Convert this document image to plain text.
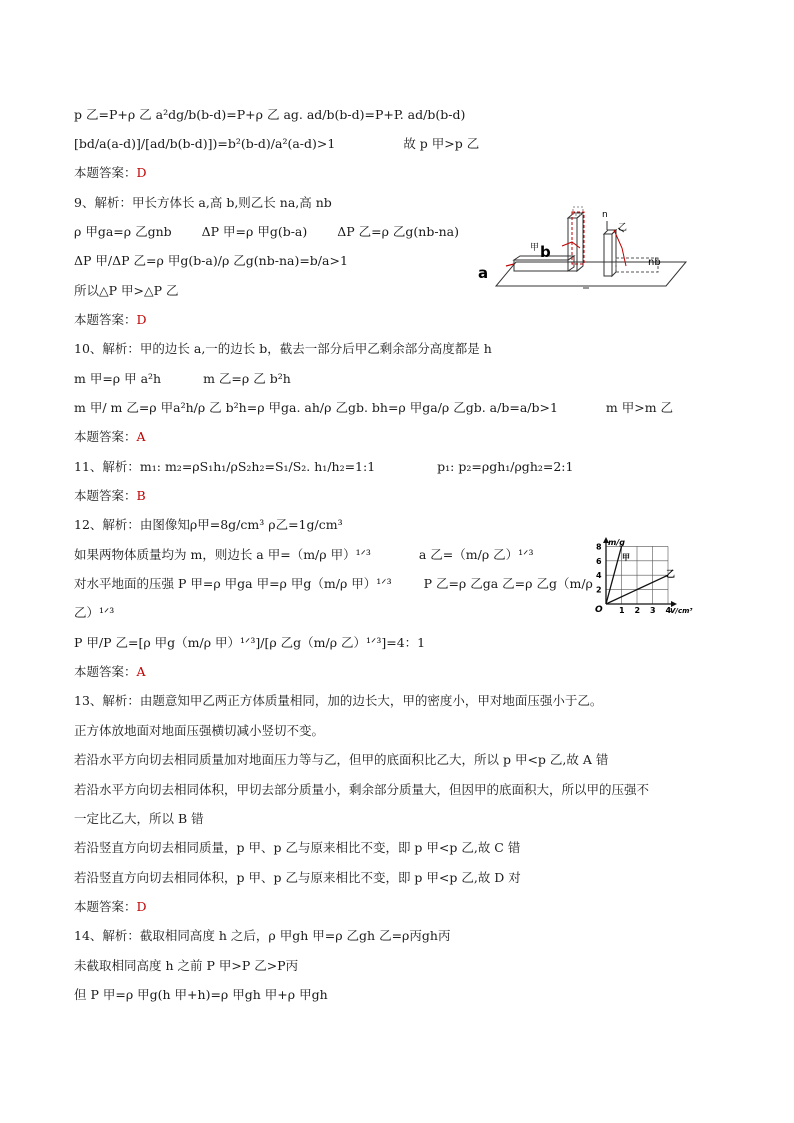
p 乙=P+ρ 乙 a²dg/b(b-d)=P+ρ 乙 ag. ad/b(b-d)=P+P. ad/b(b-d)
[bd/a(a-d)]/[ad/b(b-d)])=b²(b-d)/a²(a-d)>1	故 p 甲>p 乙
本题答案：D
9、解析：甲长方体长 a,高 b,则乙长 na,高 nb
ρ 甲ga=ρ 乙gnb ΔP 甲=ρ 甲g(b-a) ΔP 乙=ρ 乙g(nb-na)
ΔP 甲/ΔP 乙=ρ 甲g(b-a)/ρ 乙g(nb-na)=b/a>1
所以△P 甲>△P 乙
本题答案：D
10、解析：甲的边长 a,一的边长 b，截去一部分后甲乙剩余部分高度都是 h
m 甲=ρ 甲 a²h	m 乙=ρ 乙 b²h
m 甲/ m 乙=ρ 甲a²h/ρ 乙 b²h=ρ 甲ga. ah/ρ 乙gb. bh=ρ 甲ga/ρ 乙gb. a/b=a/b>1	m 甲>m 乙
本题答案：A
11、解析：m₁: m₂=ρS₁h₁/ρS₂h₂=S₁/S₂. h₁/h₂=1:1	p₁: p₂=ρgh₁/ρgh₂=2:1
本题答案：B
12、解析：由图像知ρ甲=8g/cm³ ρ乙=1g/cm³
如果两物体质量均为 m，则边长 a 甲=（m/ρ 甲）¹ᐟ³	a 乙=（m/ρ 乙）¹ᐟ³
对水平地面的压强 P 甲=ρ 甲ga 甲=ρ 甲g（m/ρ 甲）¹ᐟ³	P 乙=ρ 乙ga 乙=ρ 乙g（m/ρ
乙）¹ᐟ³
P 甲/P 乙=[ρ 甲g（m/ρ 甲）¹ᐟ³]/[ρ 乙g（m/ρ 乙）¹ᐟ³]=4：1
本题答案：A
13、解析：由题意知甲乙两正方体质量相同，加的边长大，甲的密度小，甲对地面压强小于乙。
正方体放地面对地面压强横切减小竖切不变。
若沿水平方向切去相同质量加对地面压力等与乙，但甲的底面积比乙大，所以 p 甲<p 乙,故 A 错
若沿水平方向切去相同体积，甲切去部分质量小，剩余部分质量大，但因甲的底面积大，所以甲的压强不
一定比乙大，所以 B 错
若沿竖直方向切去相同质量，p 甲、p 乙与原来相比不变，即 p 甲<p 乙,故 C 错
若沿竖直方向切去相同体积，p 甲、p 乙与原来相比不变，即 p 甲<p 乙,故 D 对
本题答案：D
14、解析：截取相同高度 h 之后，ρ 甲gh 甲=ρ 乙gh 乙=ρ丙gh丙
未截取相同高度 h 之前 P 甲>P 乙>P丙
但 P 甲=ρ 甲g(h 甲+h)=ρ 甲gh 甲+ρ 甲gh
a
b
甲
n
乙
nb
2
4
6
8
1 2 3 4
m/g
V/cm³
O
甲
乙
